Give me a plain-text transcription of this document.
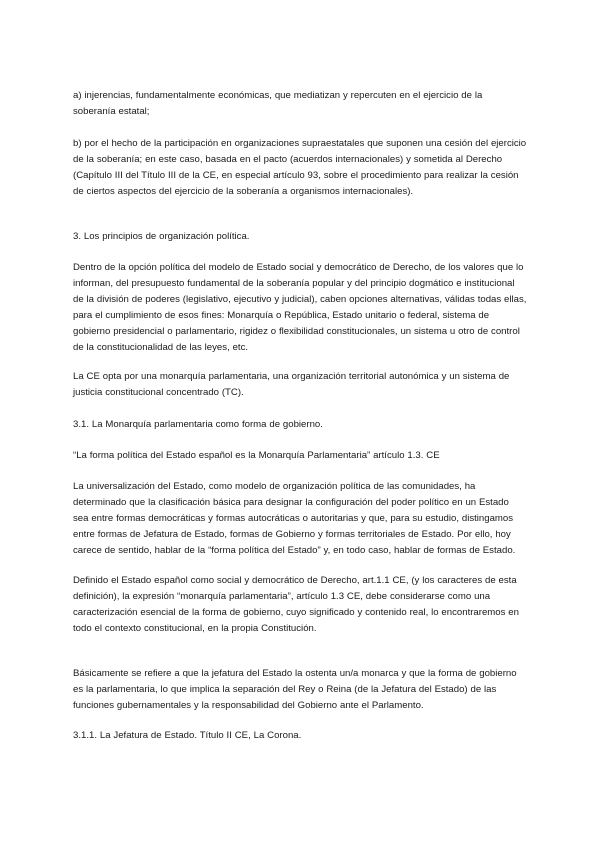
a) injerencias, fundamentalmente económicas, que mediatizan y repercuten en el ejercicio de la soberanía estatal;

b) por el hecho de la participación en organizaciones supraestatales que suponen una cesión del ejercicio de la soberanía; en este caso, basada en el pacto (acuerdos internacionales) y sometida al Derecho (Capítulo III del Título III de la CE, en especial artículo 93, sobre el procedimiento para realizar la cesión de ciertos aspectos del ejercicio de la soberanía a organismos internacionales).

3. Los principios de organización política.

Dentro de la opción política del modelo de Estado social y democrático de Derecho, de los valores que lo informan, del presupuesto fundamental de la soberanía popular y del principio dogmático e institucional de la división de poderes (legislativo, ejecutivo y judicial), caben opciones alternativas, válidas todas ellas, para el cumplimiento de esos fines: Monarquía o República, Estado unitario o federal, sistema de gobierno presidencial o parlamentario, rigidez o flexibilidad constitucionales, un sistema u otro de control de la constitucionalidad de las leyes, etc.

La CE opta por una monarquía parlamentaria, una organización territorial autonómica y un sistema de justicia constitucional concentrado (TC).

3.1. La Monarquía parlamentaria como forma de gobierno.

“La forma política del Estado español es la Monarquía Parlamentaria” artículo 1.3. CE

La universalización del Estado, como modelo de organización política de las comunidades, ha determinado que la clasificación básica para designar la configuración del poder político en un Estado sea entre formas democráticas y formas autocráticas o autoritarias y que, para su estudio, distingamos entre formas de Jefatura de Estado, formas de Gobierno y formas territoriales de Estado. Por ello, hoy carece de sentido, hablar de la “forma política del Estado” y, en todo caso, hablar de formas de Estado.

Definido el Estado español como social y democrático de Derecho, art.1.1 CE, (y los caracteres de esta definición), la expresión “monarquía parlamentaria”, artículo 1.3 CE, debe considerarse como una caracterización esencial de la forma de gobierno, cuyo significado y contenido real, lo encontraremos en todo el contexto constitucional, en la propia Constitución.

Básicamente se refiere a que la jefatura del Estado la ostenta un/a monarca y que la forma de gobierno es la parlamentaria, lo que implica la separación del Rey o Reina (de la Jefatura del Estado) de las funciones gubernamentales y la responsabilidad del Gobierno ante el Parlamento.

3.1.1. La Jefatura de Estado. Título II CE, La Corona.
